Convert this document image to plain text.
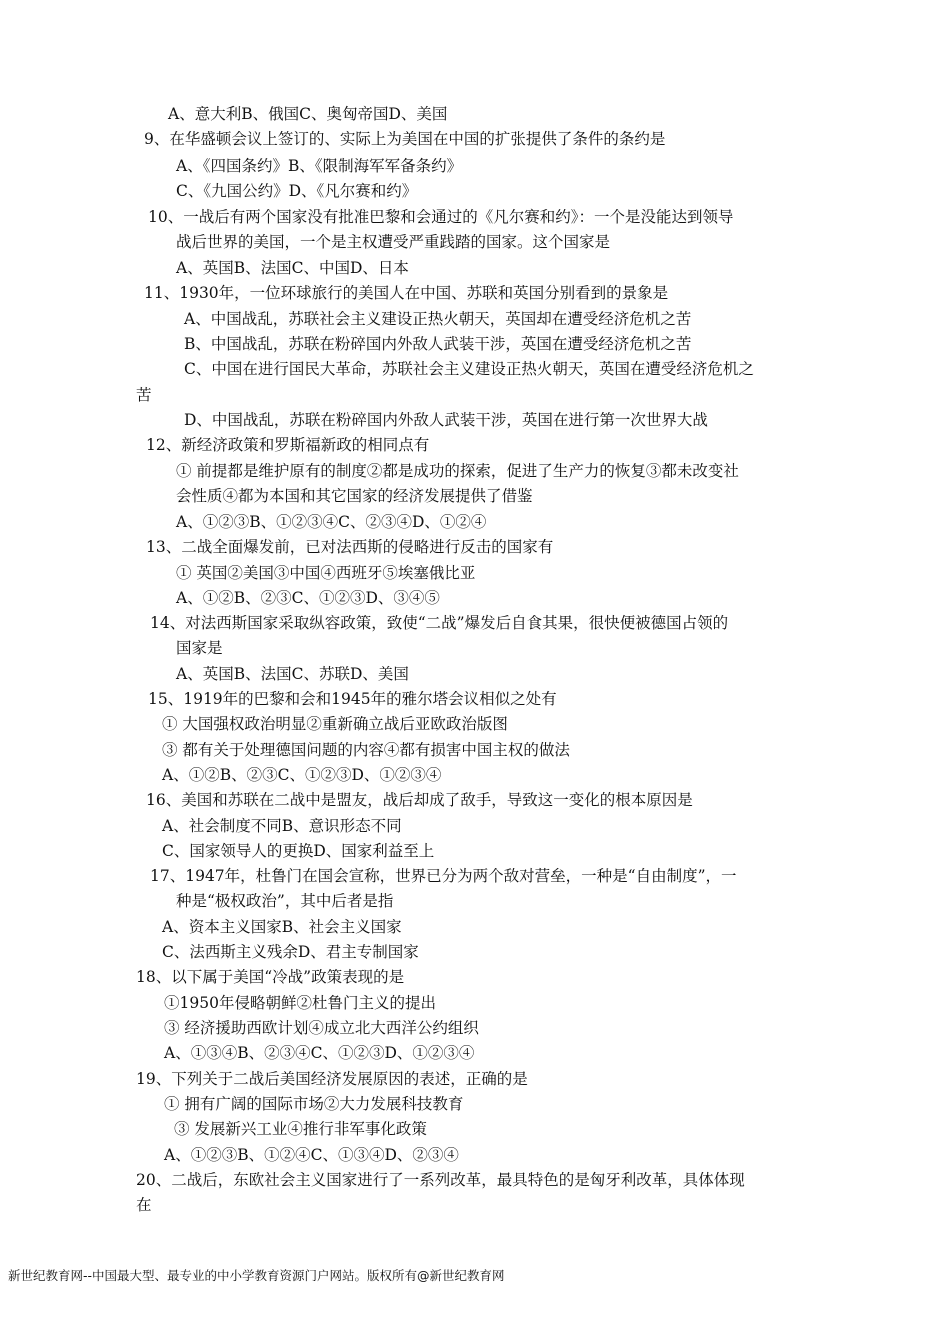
A、意大利B、俄国C、奥匈帝国D、美国
9、在华盛顿会议上签订的、实际上为美国在中国的扩张提供了条件的条约是
A、《四国条约》B、《限制海军军备条约》
C、《九国公约》D、《凡尔赛和约》
10、一战后有两个国家没有批准巴黎和会通过的《凡尔赛和约》：一个是没能达到领导
战后世界的美国，一个是主权遭受严重践踏的国家。这个国家是
A、英国B、法国C、中国D、日本
11、1930年，一位环球旅行的美国人在中国、苏联和英国分别看到的景象是
A、中国战乱，苏联社会主义建设正热火朝天，英国却在遭受经济危机之苦
B、中国战乱，苏联在粉碎国内外敌人武装干涉，英国在遭受经济危机之苦
C、中国在进行国民大革命，苏联社会主义建设正热火朝天，英国在遭受经济危机之
苦
D、中国战乱，苏联在粉碎国内外敌人武装干涉，英国在进行第一次世界大战
12、新经济政策和罗斯福新政的相同点有
① 前提都是维护原有的制度②都是成功的探索，促进了生产力的恢复③都未改变社
会性质④都为本国和其它国家的经济发展提供了借鉴
A、①②③B、①②③④C、②③④D、①②④
13、二战全面爆发前，已对法西斯的侵略进行反击的国家有
① 英国②美国③中国④西班牙⑤埃塞俄比亚
A、①②B、②③C、①②③D、③④⑤
14、对法西斯国家采取纵容政策，致使“二战”爆发后自食其果，很快便被德国占领的
国家是
A、英国B、法国C、苏联D、美国
15、1919年的巴黎和会和1945年的雅尔塔会议相似之处有
① 大国强权政治明显②重新确立战后亚欧政治版图
③ 都有关于处理德国问题的内容④都有损害中国主权的做法
A、①②B、②③C、①②③D、①②③④
16、美国和苏联在二战中是盟友，战后却成了敌手，导致这一变化的根本原因是
A、社会制度不同B、意识形态不同
C、国家领导人的更换D、国家利益至上
17、1947年，杜鲁门在国会宣称，世界已分为两个敌对营垒，一种是“自由制度”，一
种是“极权政治”，其中后者是指
A、资本主义国家B、社会主义国家
C、法西斯主义残余D、君主专制国家
18、以下属于美国“冷战”政策表现的是
①1950年侵略朝鲜②杜鲁门主义的提出
③ 经济援助西欧计划④成立北大西洋公约组织
A、①③④B、②③④C、①②③D、①②③④
19、下列关于二战后美国经济发展原因的表述，正确的是
① 拥有广阔的国际市场②大力发展科技教育
③ 发展新兴工业④推行非军事化政策
A、①②③B、①②④C、①③④D、②③④
20、二战后，东欧社会主义国家进行了一系列改革，最具特色的是匈牙利改革，具体体现
在
新世纪教育网--中国最大型、最专业的中小学教育资源门户网站。版权所有@新世纪教育网
